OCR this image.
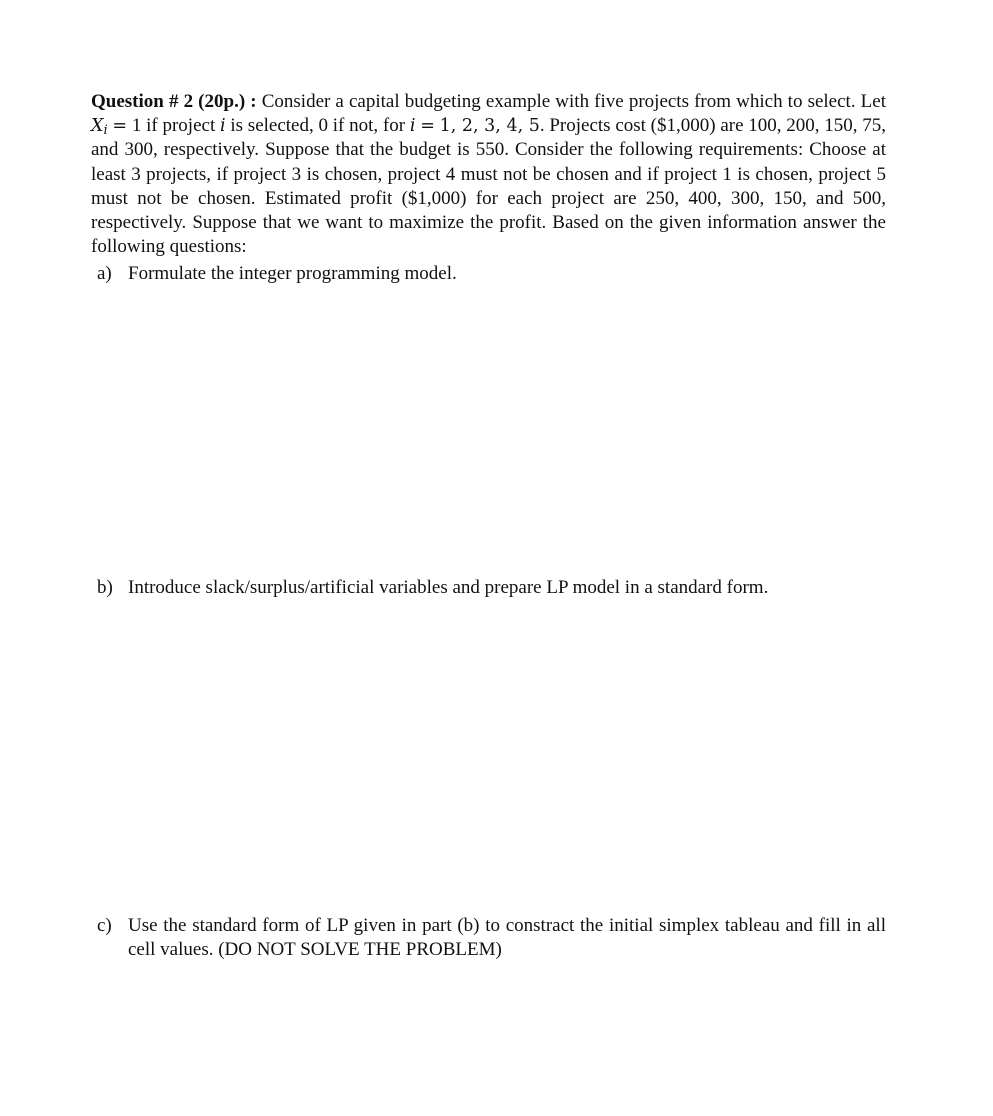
Question # 2 (20p.) : Consider a capital budgeting example with five projects from which to select. Let $X_i = 1$ if project i is selected, 0 if not, for i = 1, 2, 3, 4, 5. Projects cost ($1,000) are 100, 200, 150, 75, and 300, respectively. Suppose that the budget is 550. Consider the following requirements: Choose at least 3 projects, if project 3 is chosen, project 4 must not be chosen and if project 1 is chosen, project 5 must not be chosen. Estimated profit ($1,000) for each project are 250, 400, 300, 150, and 500, respectively. Suppose that we want to maximize the profit. Based on the given information answer the following questions:
a) Formulate the integer programming model.
b) Introduce slack/surplus/artificial variables and prepare LP model in a standard form.
c) Use the standard form of LP given in part (b) to constract the initial simplex tableau and fill in all cell values. (DO NOT SOLVE THE PROBLEM)
